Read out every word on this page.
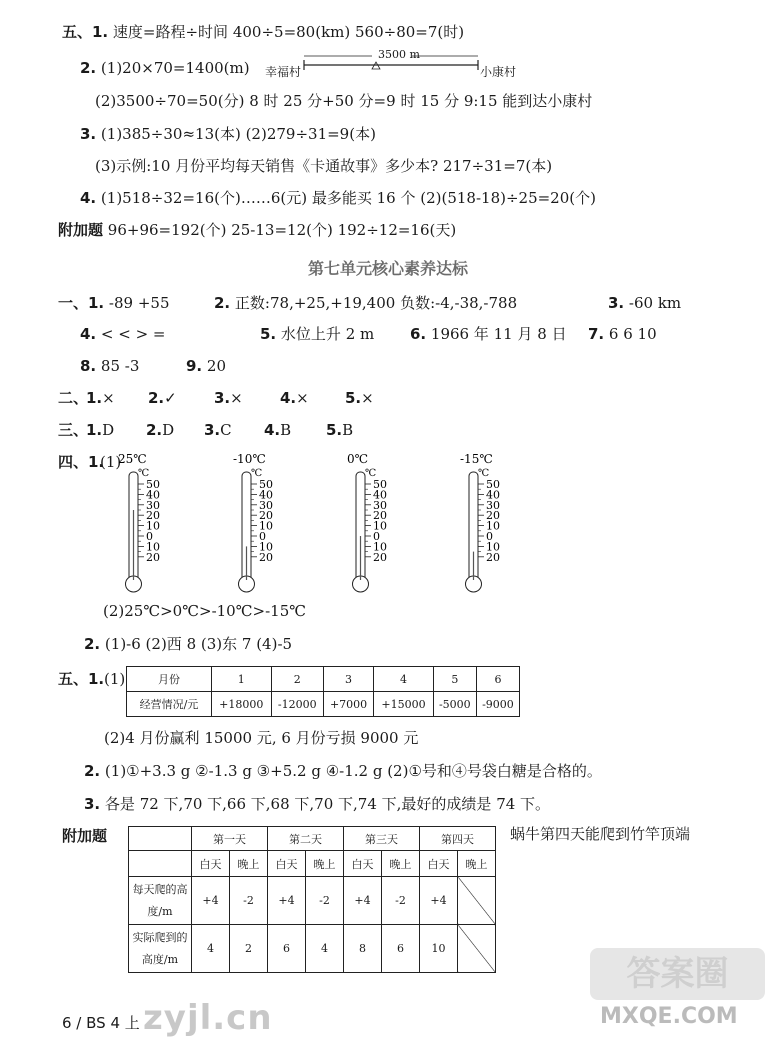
五、1. 速度=路程÷时间 400÷5=80(km) 560÷80=7(时)
2. (1)20×70=1400(m) 幸福村	小康村
3500 m
(2)3500÷70=50(分) 8 时 25 分+50 分=9 时 15 分 9:15 能到达小康村
3. (1)385÷30≈13(本) (2)279÷31=9(本)
(3)示例:10 月份平均每天销售《卡通故事》多少本? 217÷31=7(本)
4. (1)518÷32=16(个)……6(元) 最多能买 16 个 (2)(518-18)÷25=20(个)
附加题 96+96=192(个) 25-13=12(个) 192÷12=16(天)
第七单元核心素养达标
一、1. -89 +55	2. 正数:78,+25,+19,400 负数:-4,-38,-788	3. -60 km
4. < < > =	5. 水位上升 2 m 6. 1966 年 11 月 8 日 7. 6 6 10
8. 85 -3	9. 20
二、
1.× 2.✓ 3.× 4.× 5.×
三、
1.D 2.D 3.C 4.B 5.B
四、1.
(1)
25℃
℃
50
40
30
20
10
0
10
20
-10℃
℃
50
40
30
20
10
0
10
20
0℃
℃
50
40
30
20
10
0
10
20
-15℃
℃
50
40
30
20
10
0
10
20
(2)25℃>0℃>-10℃>-15℃
2. (1)-6 (2)西 8 (3)东 7 (4)-5
五、1. (1)	月份	1	2	3	4	5	6
经营情况/元	+18000	-12000	+7000	+15000	-5000	-9000
(2)4 月份赢利 15000 元, 6 月份亏损 9000 元
2. (1)①+3.3 g ②-1.3 g ③+5.2 g ④-1.2 g (2)①号和④号袋白糖是合格的。
3. 各是 72 下,70 下,66 下,68 下,70 下,74 下,最好的成绩是 74 下。
附加题	蜗牛第四天能爬到竹竿顶端
	第一天		第二天		第三天		第四天	
	白天	晚上	白天	晚上	白天	晚上	白天	晚上
每天爬的高度/m	+4	-2	+4	-2	+4	-2	+4	
实际爬到的高度/m	4	2	6	4	8	6	10	
6 / BS 4 上 zyjl.cn
答案圈
MXQE.COM
